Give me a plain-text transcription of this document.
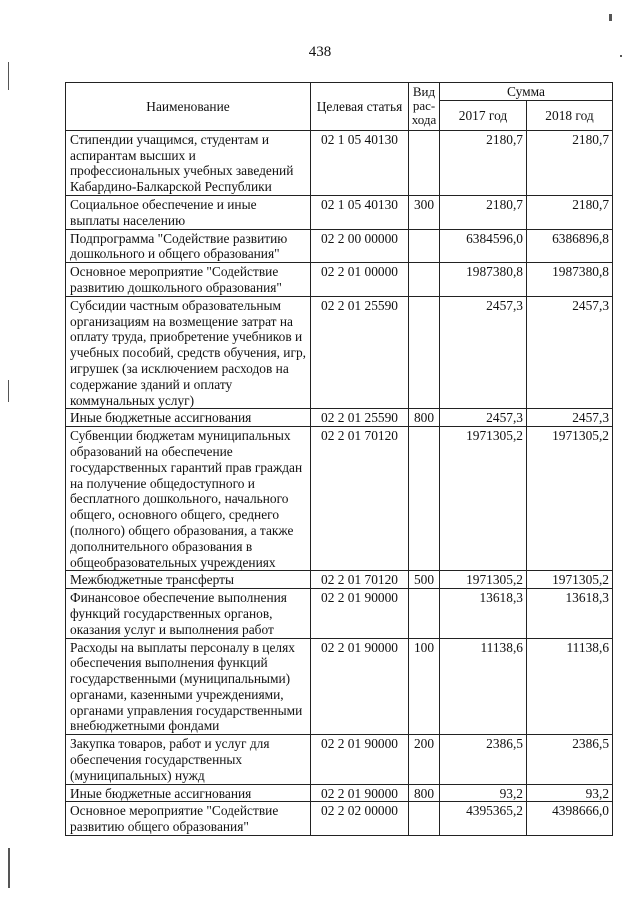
438
Наименование	Целевая статья	Вид рас-хода	Сумма	
			2017 год	2018 год
Стипендии учащимся, студентам и аспирантам высших и профессиональных учебных заведений Кабардино-Балкарской Республики	02 1 05 40130		2180,7	2180,7
Социальное обеспечение и иные выплаты населению	02 1 05 40130	300	2180,7	2180,7
Подпрограмма "Содействие развитию дошкольного и общего образования"	02 2 00 00000		6384596,0	6386896,8
Основное мероприятие "Содействие развитию дошкольного образования"	02 2 01 00000		1987380,8	1987380,8
Субсидии частным образовательным организациям на возмещение затрат на оплату труда, приобретение учебников и учебных пособий, средств обучения, игр, игрушек (за исключением расходов на содержание зданий и оплату коммунальных услуг)	02 2 01 25590		2457,3	2457,3
Иные бюджетные ассигнования	02 2 01 25590	800	2457,3	2457,3
Субвенции бюджетам муниципальных образований на обеспечение государственных гарантий прав граждан на получение общедоступного и бесплатного дошкольного, начального общего, основного общего, среднего (полного) общего образования, а также дополнительного образования в общеобразовательных учреждениях	02 2 01 70120		1971305,2	1971305,2
Межбюджетные трансферты	02 2 01 70120	500	1971305,2	1971305,2
Финансовое обеспечение выполнения функций государственных органов, оказания услуг и выполнения работ	02 2 01 90000		13618,3	13618,3
Расходы на выплаты персоналу в целях обеспечения выполнения функций государственными (муниципальными) органами, казенными учреждениями, органами управления государственными внебюджетными фондами	02 2 01 90000	100	11138,6	11138,6
Закупка товаров, работ и услуг для обеспечения государственных (муниципальных) нужд	02 2 01 90000	200	2386,5	2386,5
Иные бюджетные ассигнования	02 2 01 90000	800	93,2	93,2
Основное мероприятие "Содействие развитию общего образования"	02 2 02 00000		4395365,2	4398666,0
